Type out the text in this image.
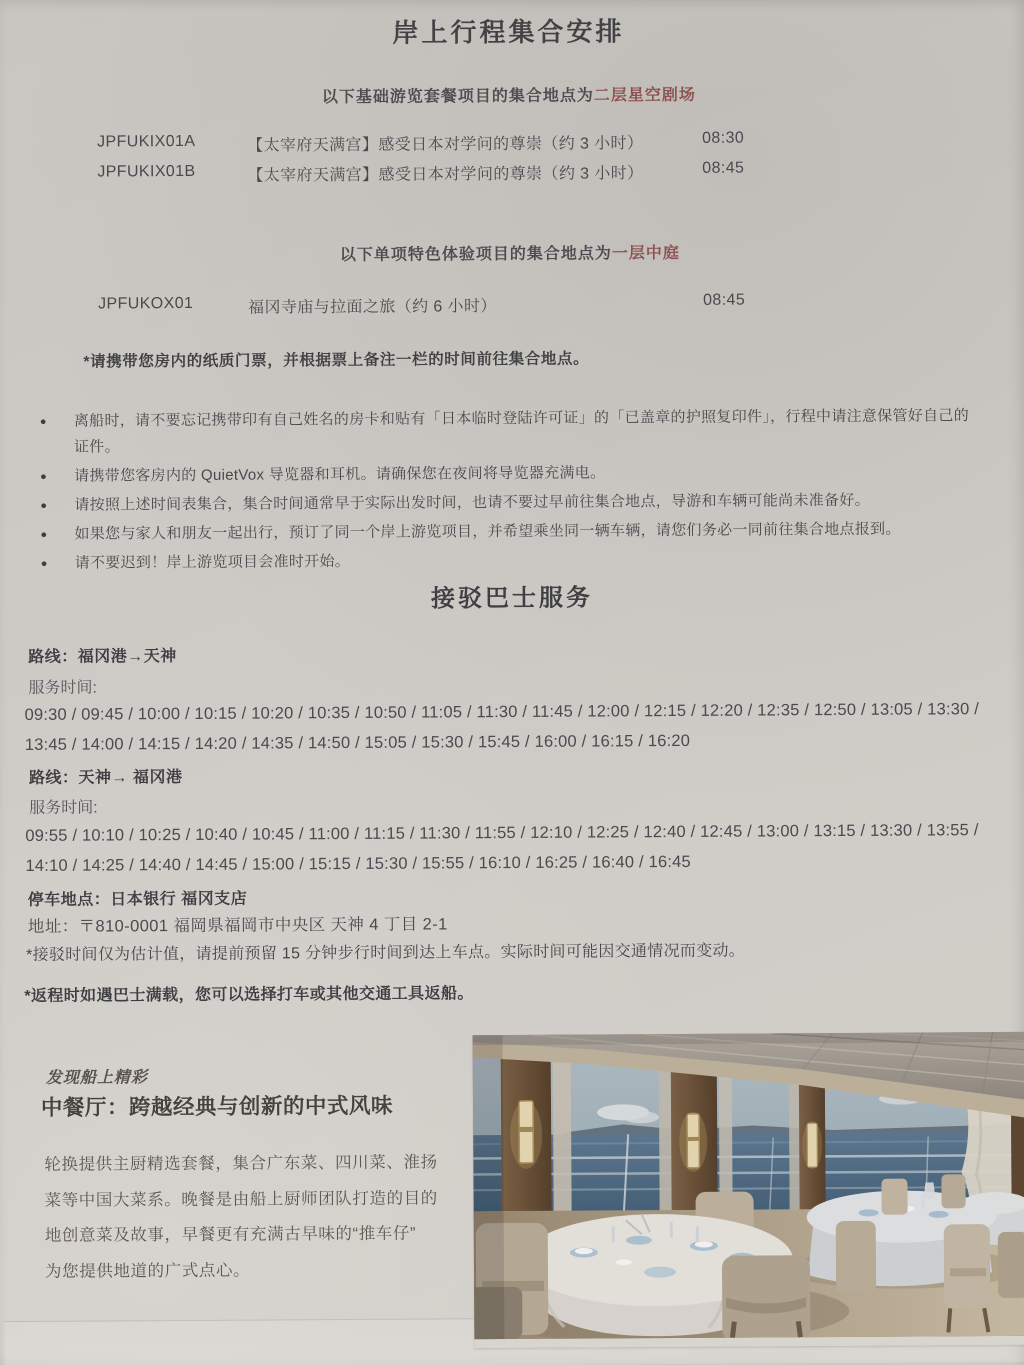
岸上行程集合安排
以下基础游览套餐项目的集合地点为二层星空剧场
JPFUKIX01A	【太宰府天满宫】感受日本对学问的尊崇（约 3 小时）	08:30
JPFUKIX01B	【太宰府天满宫】感受日本对学问的尊崇（约 3 小时）	08:45
以下单项特色体验项目的集合地点为一层中庭
JPFUKOX01	福冈寺庙与拉面之旅（约 6 小时）	08:45
*请携带您房内的纸质门票，并根据票上备注一栏的时间前往集合地点。
●	离船时，请不要忘记携带印有自己姓名的房卡和贴有「日本临时登陆许可证」的「已盖章的护照复印件」，行程中请注意保管好自己的证件。
●	请携带您客房内的 QuietVox 导览器和耳机。请确保您在夜间将导览器充满电。
●	请按照上述时间表集合，集合时间通常早于实际出发时间，也请不要过早前往集合地点，导游和车辆可能尚未准备好。
●	如果您与家人和朋友一起出行，预订了同一个岸上游览项目，并希望乘坐同一辆车辆，请您们务必一同前往集合地点报到。
●	请不要迟到！岸上游览项目会准时开始。
接驳巴士服务
路线：福冈港→天神
服务时间:
09:30 / 09:45 / 10:00 / 10:15 / 10:20 / 10:35 / 10:50 / 11:05 / 11:30 / 11:45 / 12:00 / 12:15 / 12:20 / 12:35 / 12:50 / 13:05 / 13:30 /
13:45 / 14:00 / 14:15 / 14:20 / 14:35 / 14:50 / 15:05 / 15:30 / 15:45 / 16:00 / 16:15 / 16:20
路线：天神→ 福冈港
服务时间:
09:55 / 10:10 / 10:25 / 10:40 / 10:45 / 11:00 / 11:15 / 11:30 / 11:55 / 12:10 / 12:25 / 12:40 / 12:45 / 13:00 / 13:15 / 13:30 / 13:55 /
14:10 / 14:25 / 14:40 / 14:45 / 15:00 / 15:15 / 15:30 / 15:55 / 16:10 / 16:25 / 16:40 / 16:45
停车地点：日本银行 福冈支店
地址：〒810-0001 福岡県福岡市中央区 天神 4 丁目 2-1
*接驳时间仅为估计值，请提前预留 15 分钟步行时间到达上车点。实际时间可能因交通情况而变动。
*返程时如遇巴士满载，您可以选择打车或其他交通工具返船。
发现船上精彩
中餐厅：跨越经典与创新的中式风味
轮换提供主厨精选套餐，集合广东菜、四川菜、淮扬
菜等中国大菜系。晚餐是由船上厨师团队打造的目的
地创意菜及故事，早餐更有充满古早味的“推车仔”
为您提供地道的广式点心。
